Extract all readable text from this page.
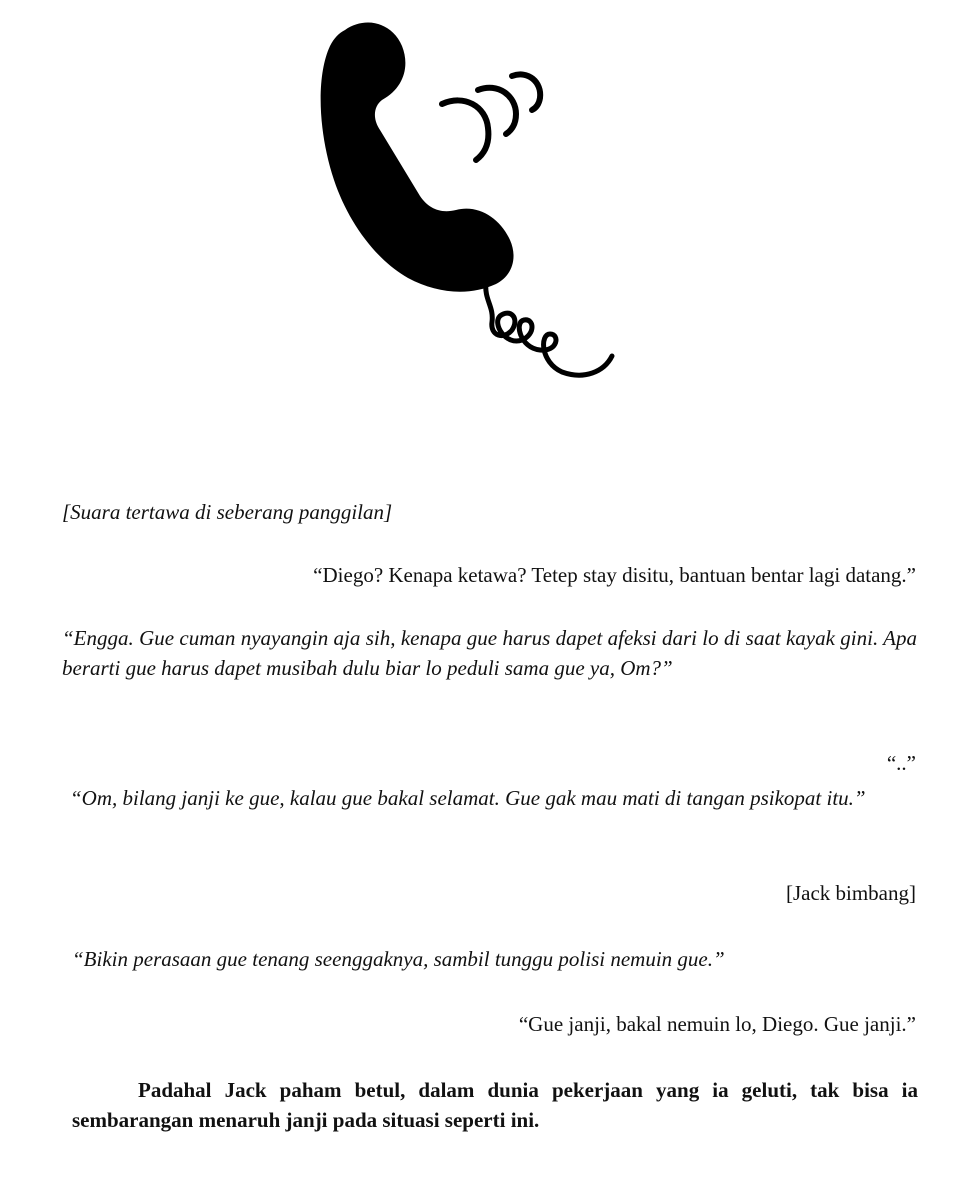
[Suara tertawa di seberang panggilan]

“Diego? Kenapa ketawa? Tetep stay disitu, bantuan bentar lagi datang.”

“Engga. Gue cuman nyayangin aja sih, kenapa gue harus dapet afeksi dari lo di saat kayak gini. Apa berarti gue harus dapet musibah dulu biar lo peduli sama gue ya, Om?”

“..”

“Om, bilang janji ke gue, kalau gue bakal selamat. Gue gak mau mati di tangan psikopat itu.”

[Jack bimbang]

“Bikin perasaan gue tenang seenggaknya, sambil tunggu polisi nemuin gue.”

“Gue janji, bakal nemuin lo, Diego. Gue janji.”

Padahal Jack paham betul, dalam dunia pekerjaan yang ia geluti, tak bisa ia sembarangan menaruh janji pada situasi seperti ini.
